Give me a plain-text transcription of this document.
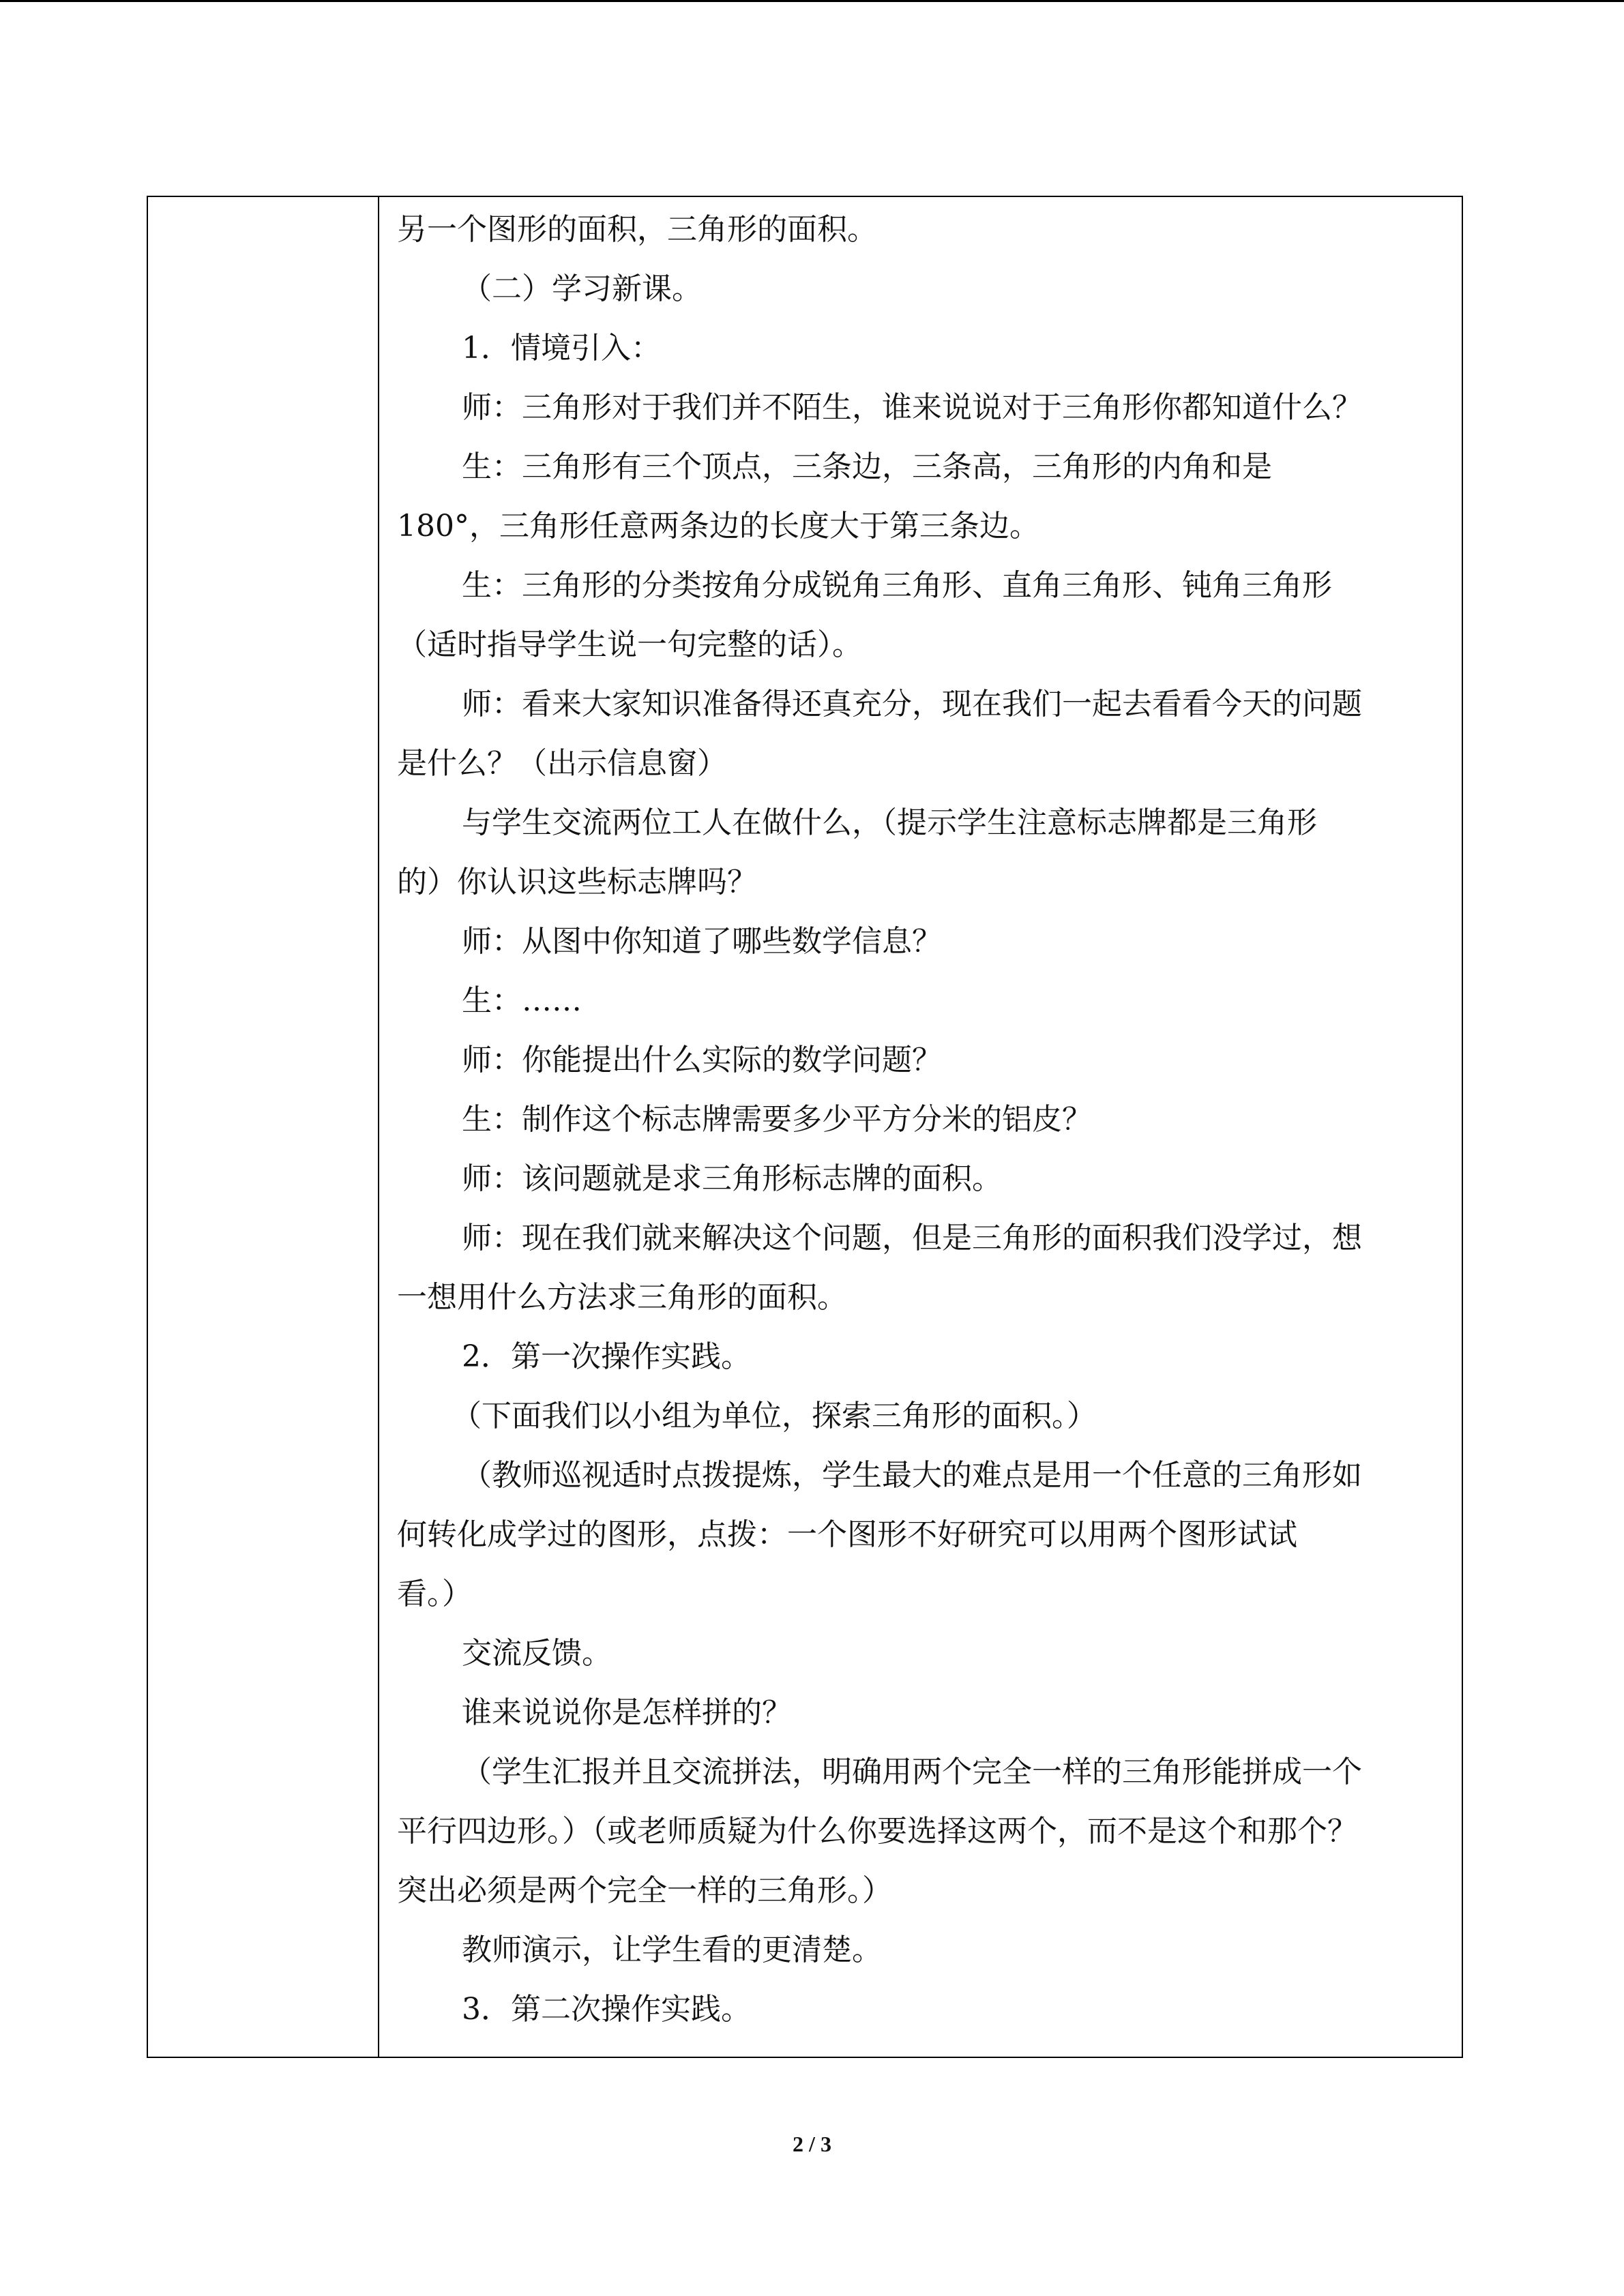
另一个图形的面积，三角形的面积。
（二）学习新课。
1．情境引入：
师：三角形对于我们并不陌生，谁来说说对于三角形你都知道什么？
生：三角形有三个顶点，三条边，三条高，三角形的内角和是
180°，三角形任意两条边的长度大于第三条边。
生：三角形的分类按角分成锐角三角形、直角三角形、钝角三角形
（适时指导学生说一句完整的话）。
师：看来大家知识准备得还真充分，现在我们一起去看看今天的问题
是什么？（出示信息窗）
与学生交流两位工人在做什么，（提示学生注意标志牌都是三角形
的）你认识这些标志牌吗？
师：从图中你知道了哪些数学信息？
生：……
师：你能提出什么实际的数学问题？
生：制作这个标志牌需要多少平方分米的铝皮？
师：该问题就是求三角形标志牌的面积。
师：现在我们就来解决这个问题，但是三角形的面积我们没学过，想
一想用什么方法求三角形的面积。
2．第一次操作实践。
（下面我们以小组为单位，探索三角形的面积。）
（教师巡视适时点拨提炼，学生最大的难点是用一个任意的三角形如
何转化成学过的图形，点拨：一个图形不好研究可以用两个图形试试
看。）
交流反馈。
谁来说说你是怎样拼的？
（学生汇报并且交流拼法，明确用两个完全一样的三角形能拼成一个
平行四边形。）（或老师质疑为什么你要选择这两个，而不是这个和那个？
突出必须是两个完全一样的三角形。）
教师演示，让学生看的更清楚。
3．第二次操作实践。
2 / 3
